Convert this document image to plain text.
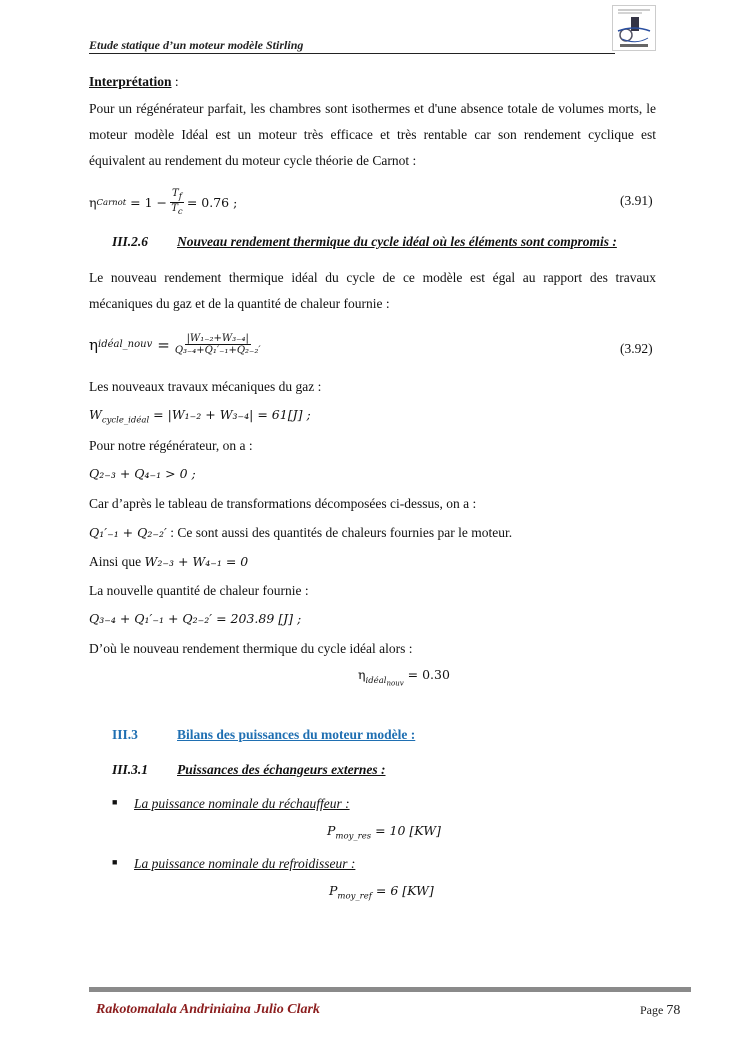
Etude statique d’un moteur modèle Stirling
Interprétation :
Pour un régénérateur parfait, les chambres sont isothermes et d'une absence totale de volumes morts, le moteur modèle Idéal est un moteur très efficace et très rentable car son rendement cyclique est équivalent au rendement du moteur cycle théorie de Carnot :
η Carnot = $1 - \frac{T_f}{T_c} = 0.76$ ;	(3.91)
III.2.6 Nouveau rendement thermique du cycle idéal où les éléments sont compromis :
Le nouveau rendement thermique idéal du cycle de ce modèle est égal au rapport des travaux mécaniques du gaz et de la quantité de chaleur fournie :
η idéal_nouv = $\frac{\text{|W₁₋₂+W₃₋₄|}}{\text{Q₃₋₄+Q₁′₋₁+Q₂₋₂′}}$	(3.92)
Les nouveaux travaux mécaniques du gaz :
$W_{cycle\_idéal} = |W_{1-2} + W_{3-4}| = 61[J]$ ;
Pour notre régénérateur, on a :
Q₂₋₃ + Q₄₋₁ > 0 ;
Car d’après le tableau de transformations décomposées ci-dessus, on a :
Q₁′₋₁ + Q₂₋₂′ : Ce sont aussi des quantités de chaleurs fournies par le moteur.
Ainsi que W₂₋₃ + W₄₋₁ = 0
La nouvelle quantité de chaleur fournie :
Q₃₋₄ + Q₁′₋₁ + Q₂₋₂′ = 203.89 [J] ;
D’où le nouveau rendement thermique du cycle idéal alors :
$\eta_{idéal_{nouv}} = 0.30$
III.3	Bilans des puissances du moteur modèle :
III.3.1 Puissances des échangeurs externes :
■ La puissance nominale du réchauffeur :
$P_{moy\_res} = 10$ [KW]
■ La puissance nominale du refroidisseur :
$P_{moy\_ref} = 6$ [KW]
Rakotomalala Andriniaina Julio Clark	Page 78
